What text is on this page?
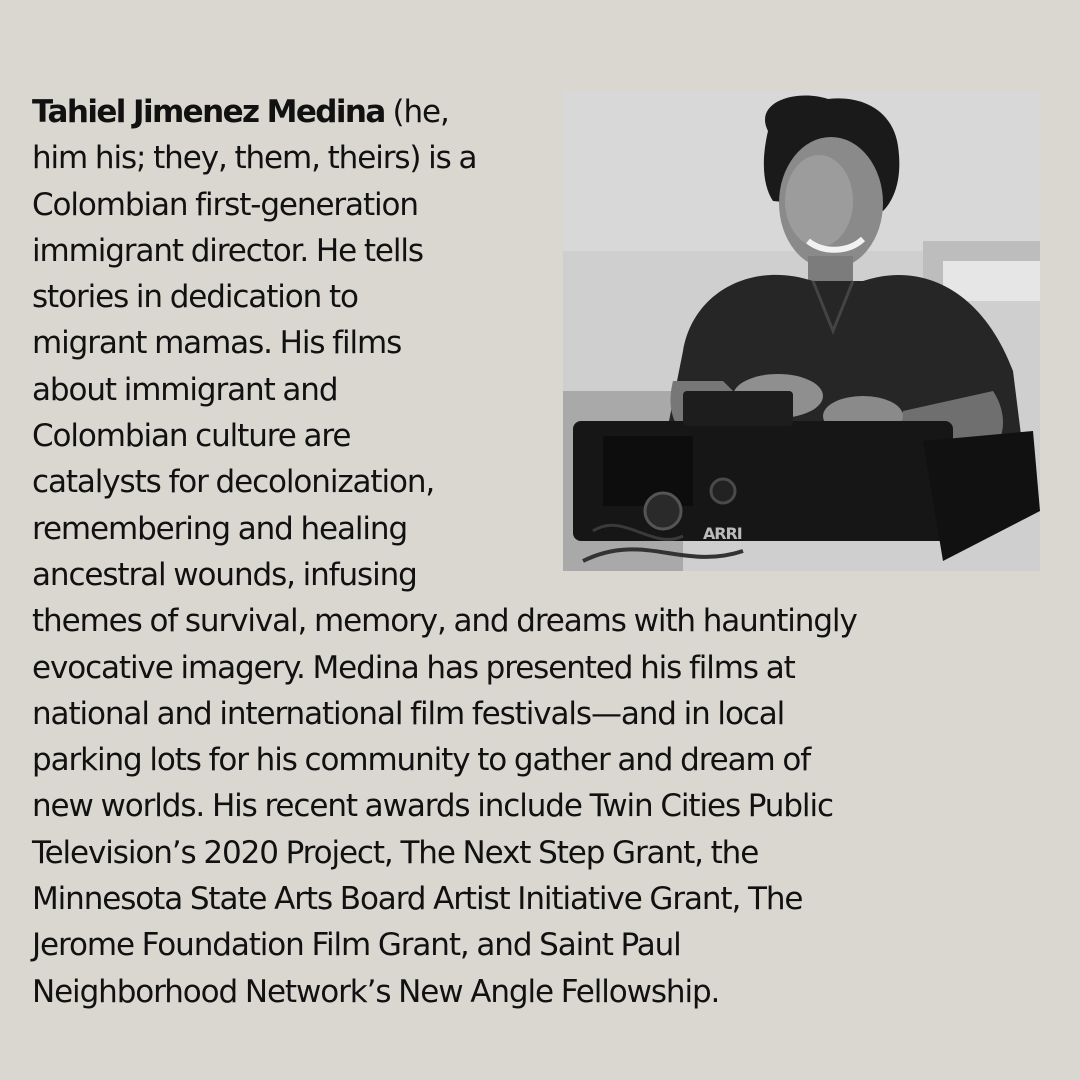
ARRI
Tahiel Jimenez Medina (he,
him his; they, them, theirs) is a
Colombian first-generation
immigrant director. He tells
stories in dedication to
migrant mamas. His films
about immigrant and
Colombian culture are
catalysts for decolonization,
remembering and healing
ancestral wounds, infusing
themes of survival, memory, and dreams with hauntingly
evocative imagery. Medina has presented his films at
national and international film festivals—and in local
parking lots for his community to gather and dream of
new worlds. His recent awards include Twin Cities Public
Television’s 2020 Project, The Next Step Grant, the
Minnesota State Arts Board Artist Initiative Grant, The
Jerome Foundation Film Grant, and Saint Paul
Neighborhood Network’s New Angle Fellowship.
